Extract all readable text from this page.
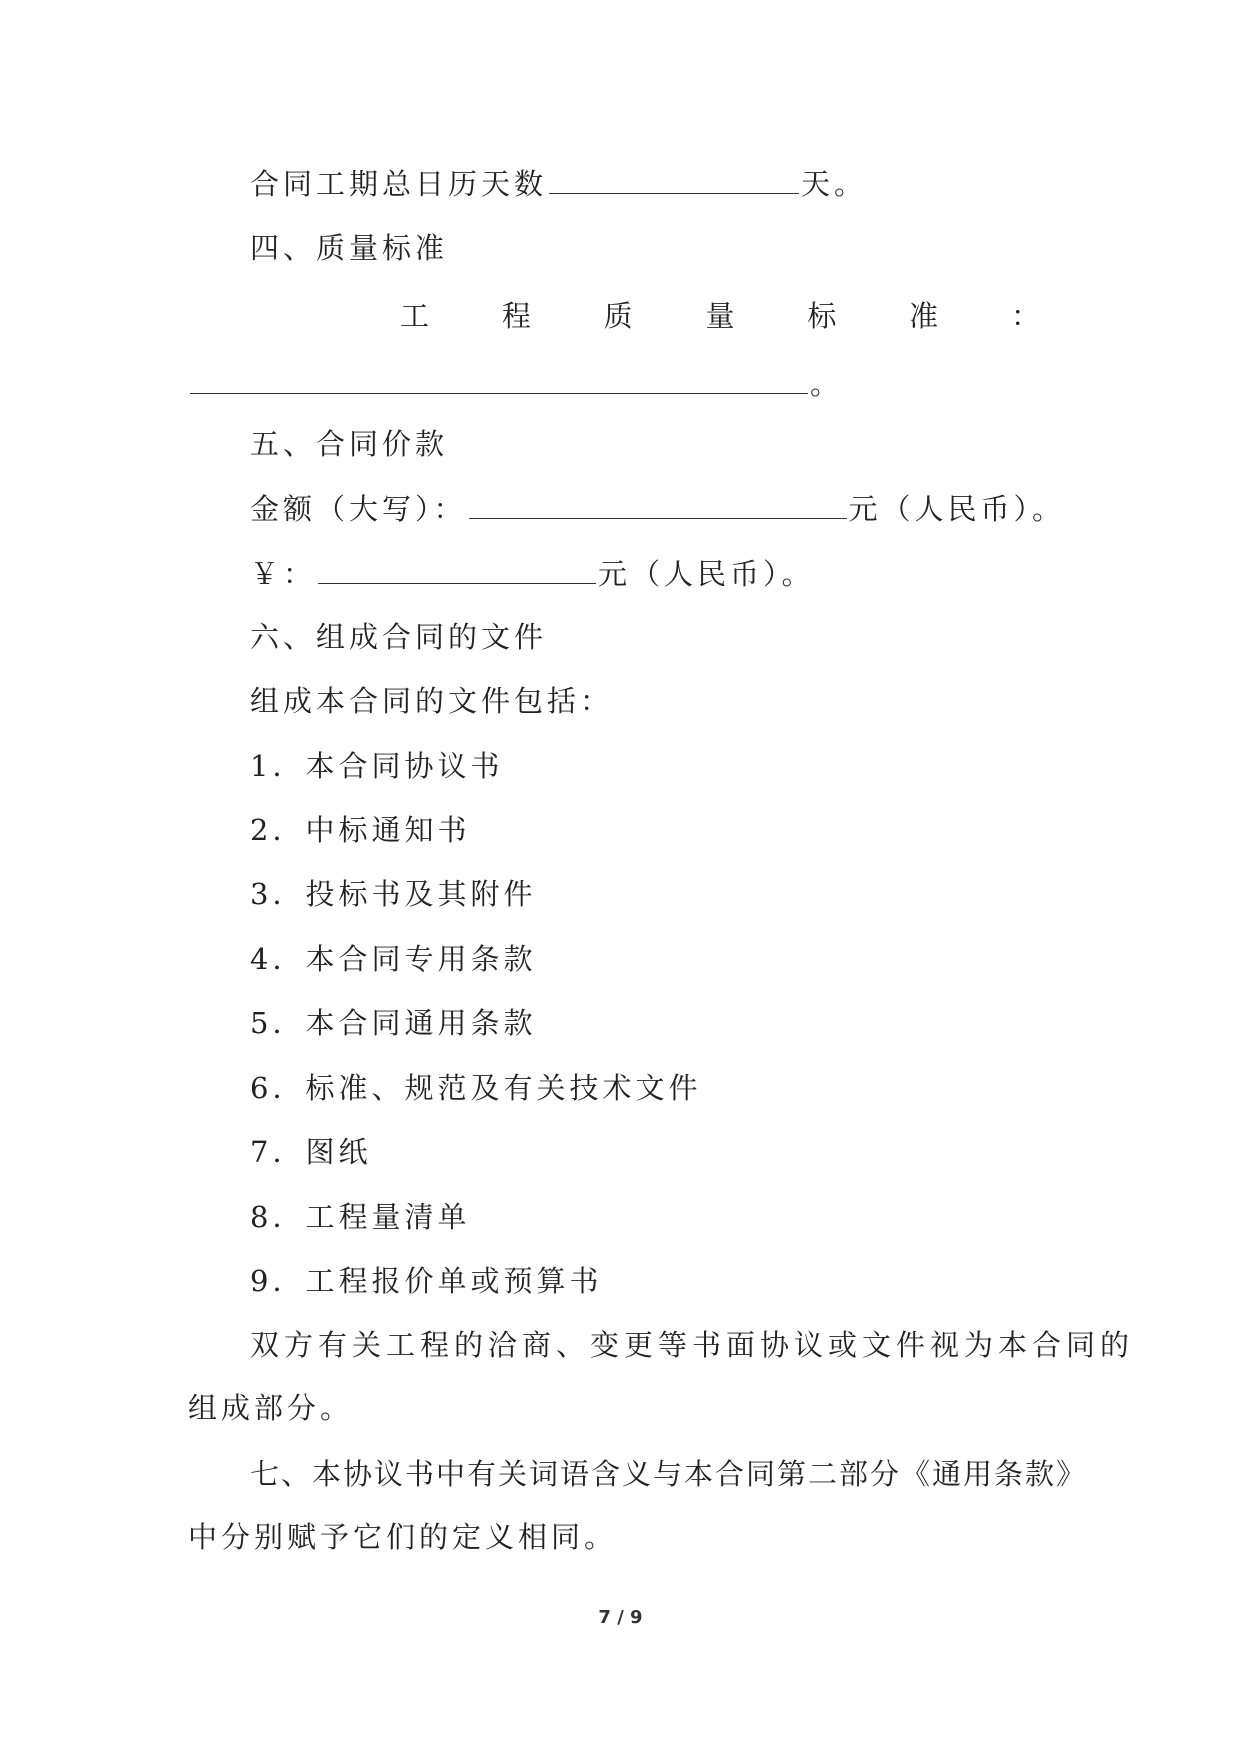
合同工期总日历天数	天。
四、质量标准
工	程	质	量	标	准	：
。
五、合同价款
金额（大写）：	元（人民币）。
￥：	元（人民币）。
六、组成合同的文件
组成本合同的文件包括：
1．本合同协议书
2．中标通知书
3．投标书及其附件
4．本合同专用条款
5．本合同通用条款
6．标准、规范及有关技术文件
7．图纸
8．工程量清单
9．工程报价单或预算书
双方有关工程的洽商、变更等书面协议或文件视为本合同的
组成部分。
七、本协议书中有关词语含义与本合同第二部分《通用条款》
中分别赋予它们的定义相同。
7 / 9
